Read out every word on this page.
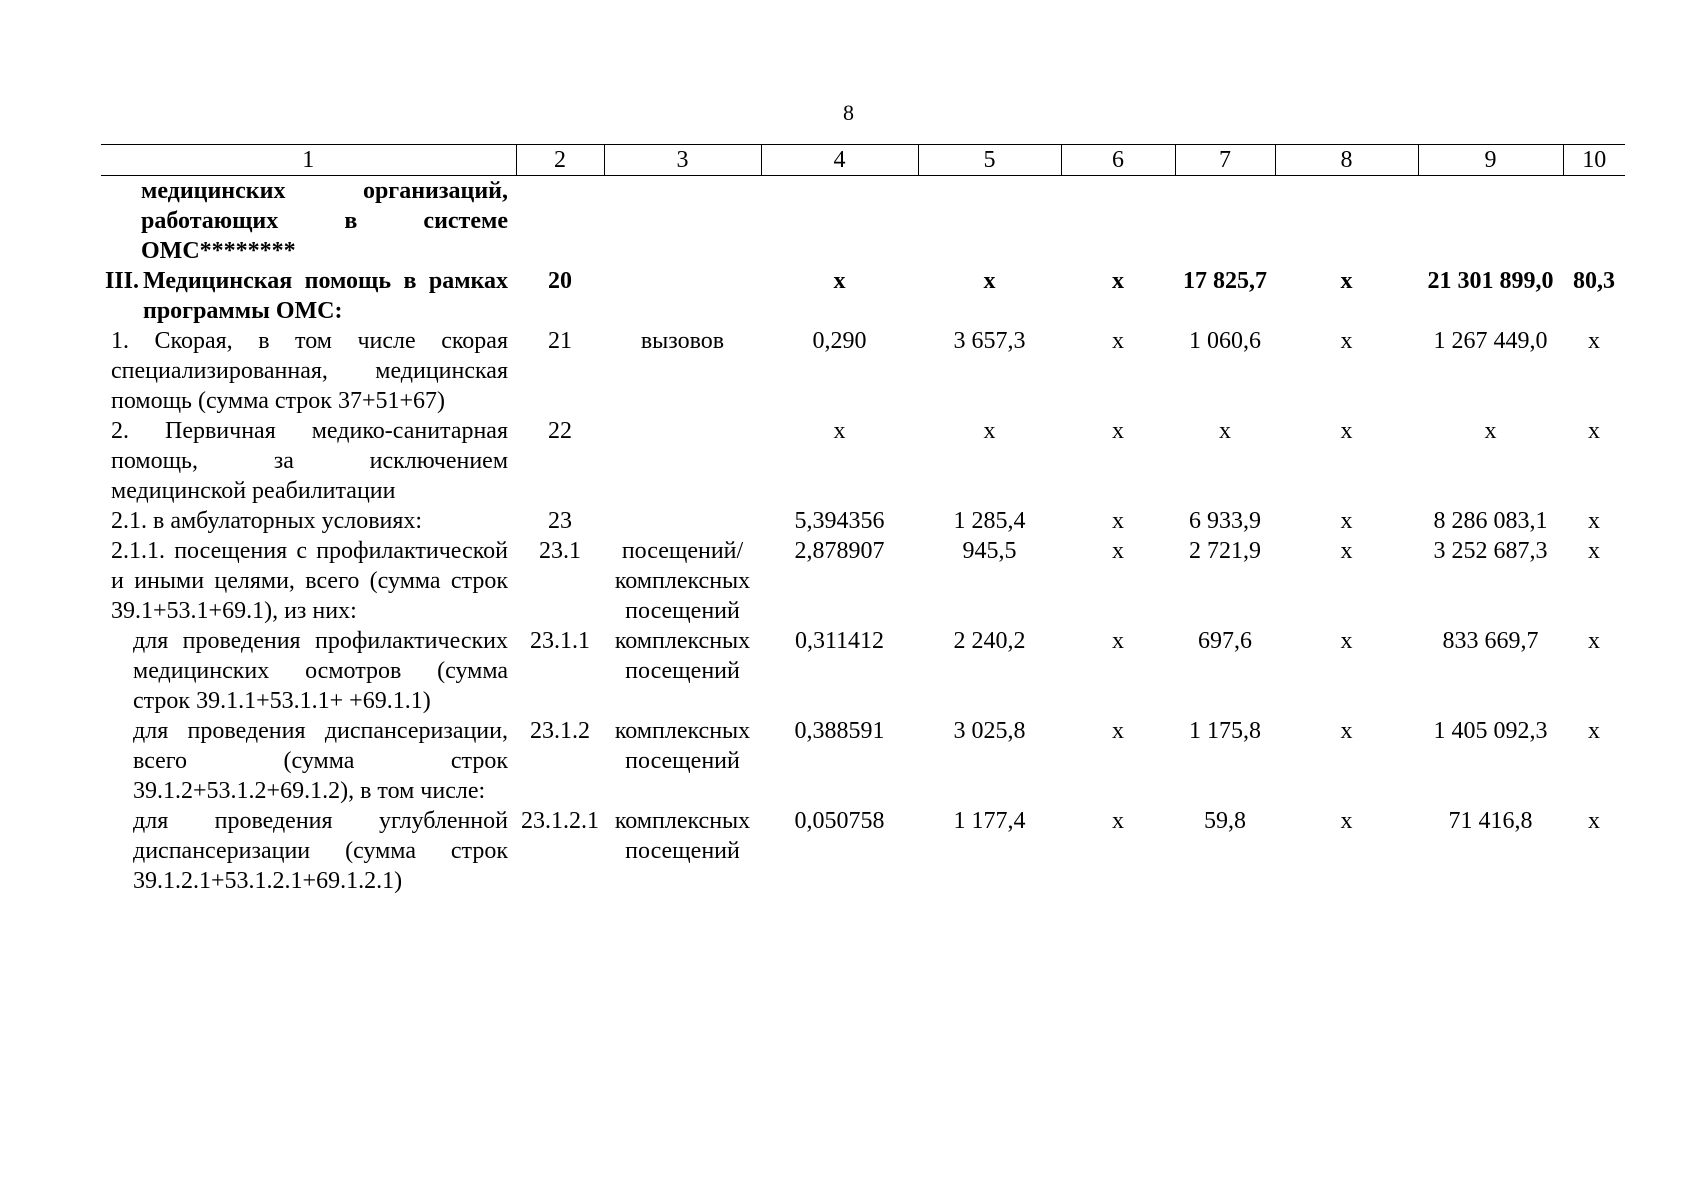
8
1	2	3	4	5	6	7	8	9	10
медицинских организаций, работающих в системе ОМС********									

III. Медицинская помощь в рамках программы ОМС:	20		х	х	х	17 825,7	х	21 301 899,0	80,3
1. Скорая, в том числе скорая специализированная, медицинская помощь (сумма строк 37+51+67)	21	вызовов	0,290	3 657,3	х	1 060,6	х	1 267 449,0	х
2. Первичная медико-санитарная помощь, за исключением медицинской реабилитации	22		х	х	х	х	х	х	х
2.1. в амбулаторных условиях:	23		5,394356	1 285,4	х	6 933,9	х	8 286 083,1	х
2.1.1. посещения с профилактической и иными целями, всего (сумма строк 39.1+53.1+69.1), из них:	23.1	посещений/ комплексных посещений	2,878907	945,5	х	2 721,9	х	3 252 687,3	х
для проведения профилактических медицинских осмотров (сумма строк 39.1.1+53.1.1+ +69.1.1)	23.1.1	комплексных посещений	0,311412	2 240,2	х	697,6	х	833 669,7	х
для проведения диспансеризации, всего (сумма строк 39.1.2+53.1.2+69.1.2), в том числе:	23.1.2	комплексных посещений	0,388591	3 025,8	х	1 175,8	х	1 405 092,3	х
для проведения углубленной диспансеризации (сумма строк 39.1.2.1+53.1.2.1+69.1.2.1)	23.1.2.1	комплексных посещений	0,050758	1 177,4	х	59,8	х	71 416,8	х
